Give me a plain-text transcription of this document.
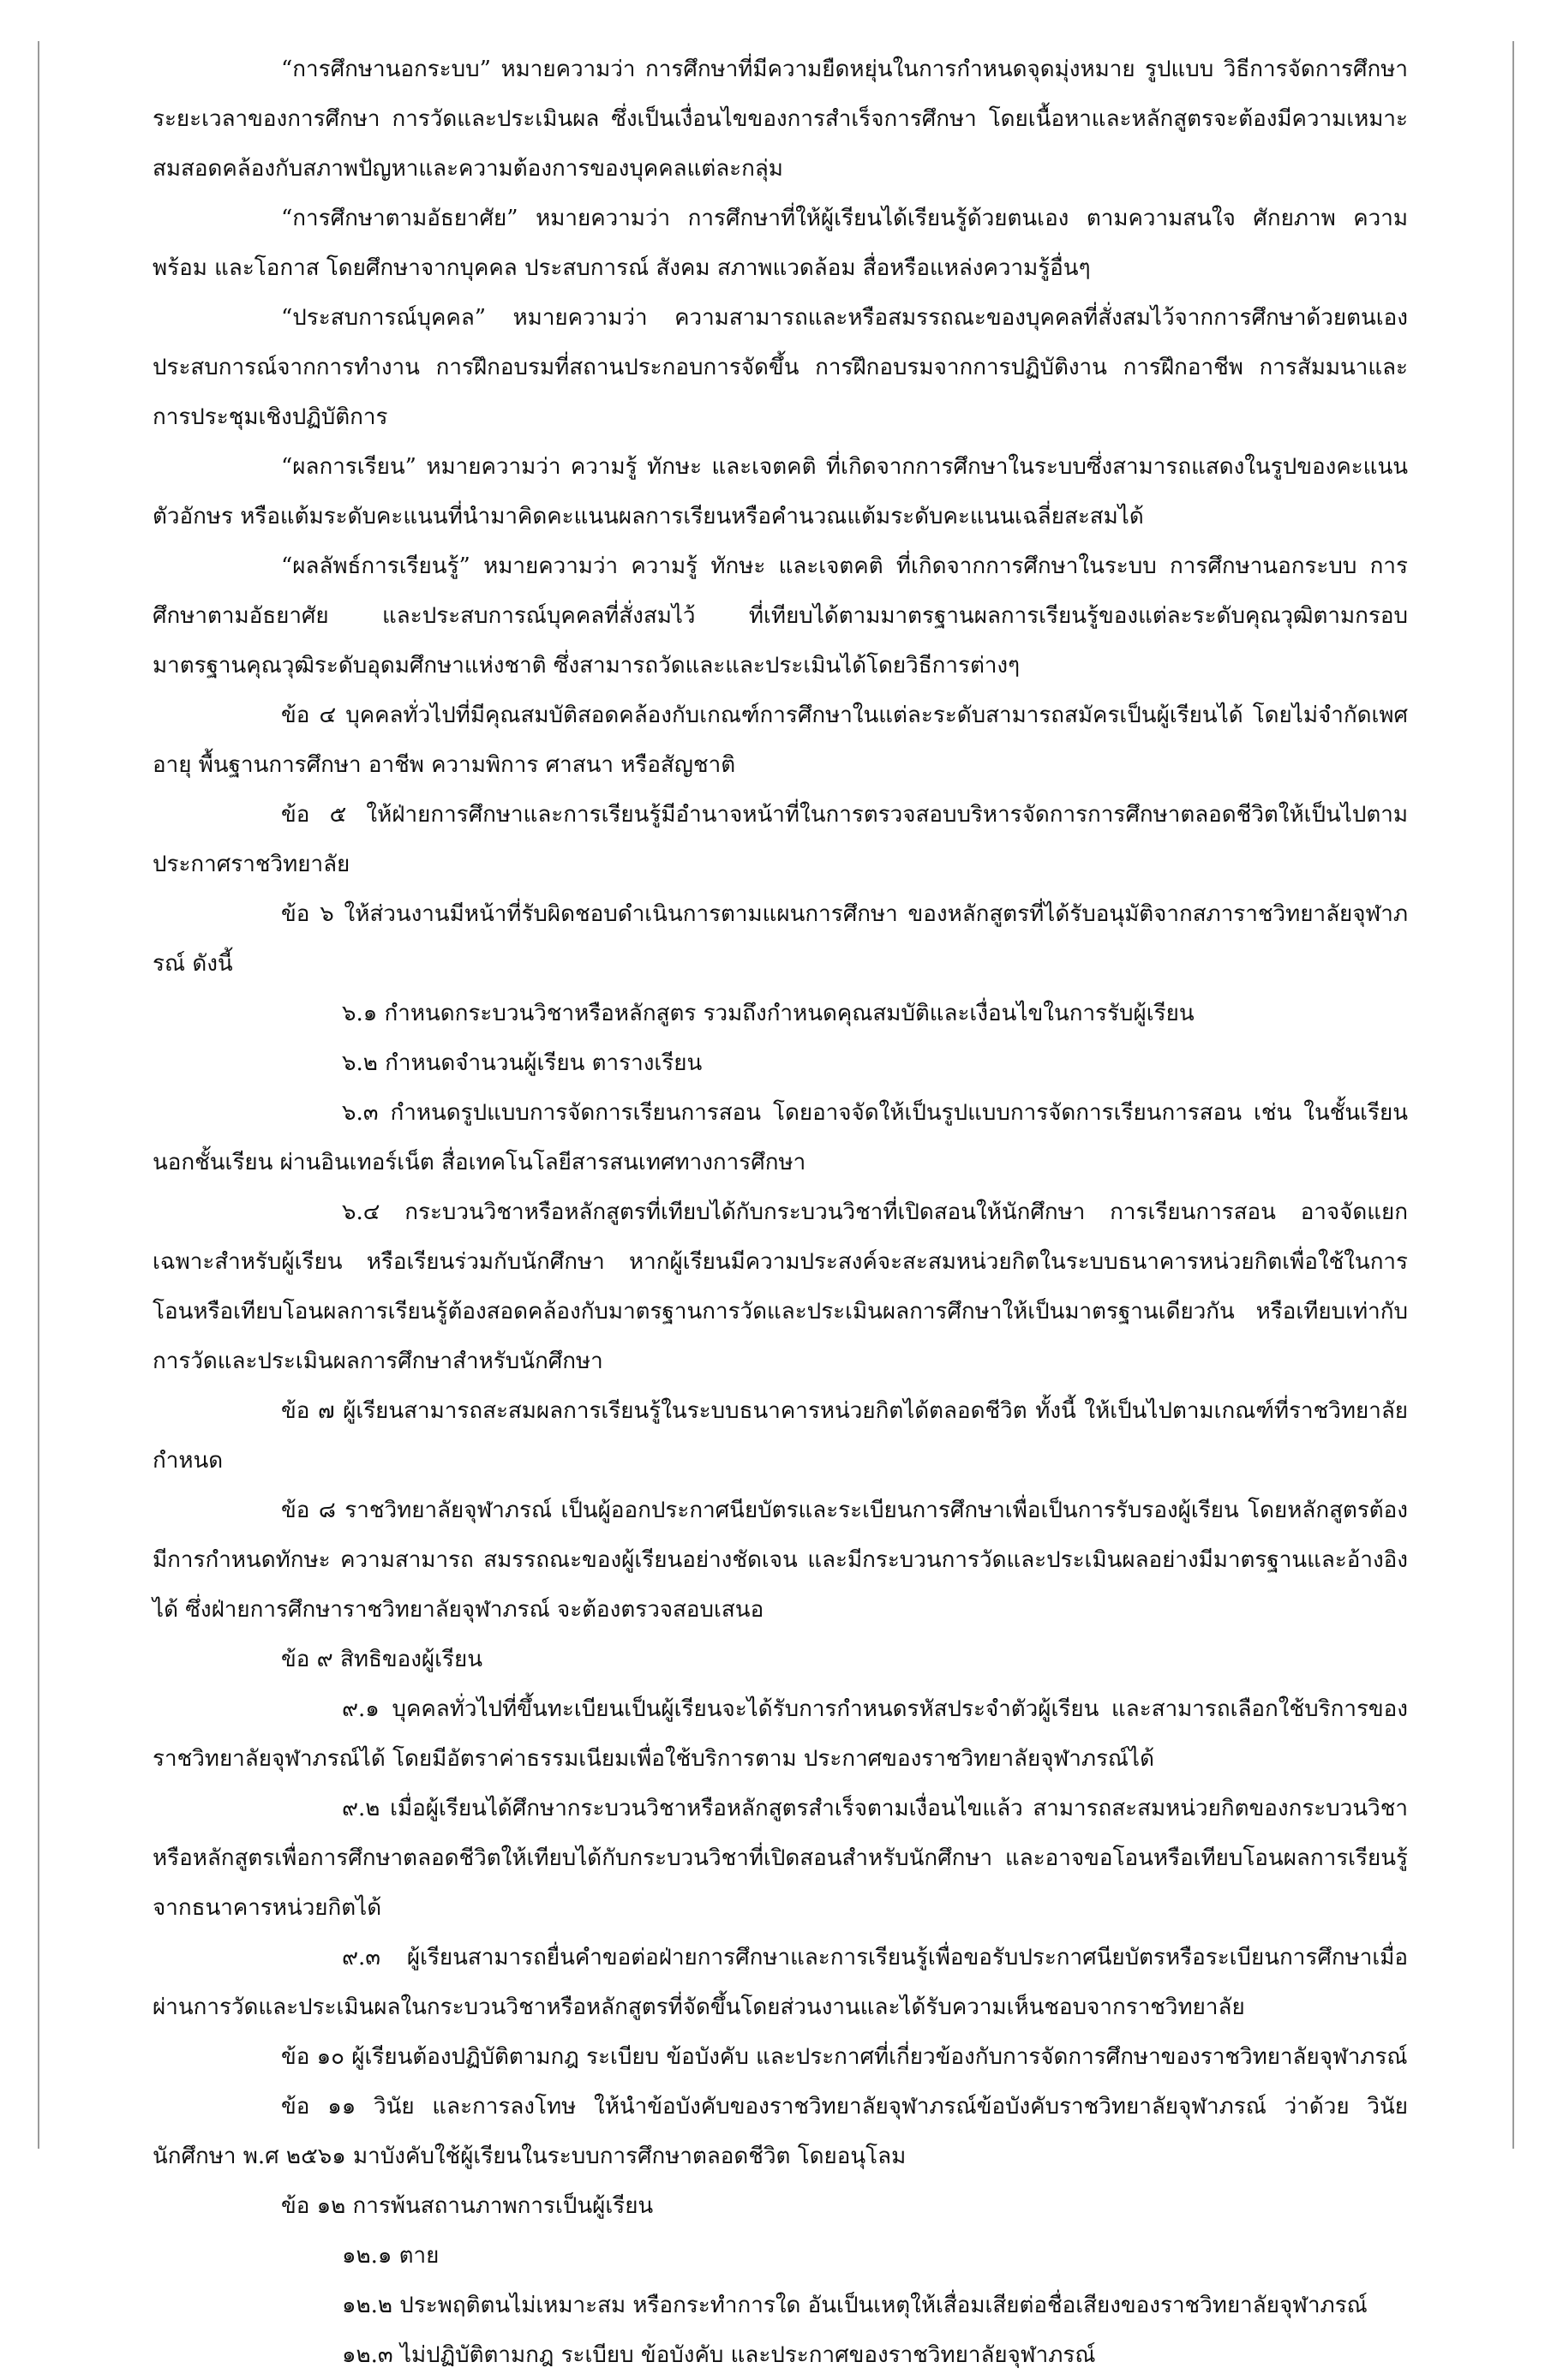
“การศึกษานอกระบบ” หมายความว่า การศึกษาที่มีความยืดหยุ่นในการกำหนดจุดมุ่งหมาย รูปแบบ วิธีการจัดการศึกษา ระยะเวลาของการศึกษา การวัดและประเมินผล ซึ่งเป็นเงื่อนไขของการสำเร็จการศึกษา โดยเนื้อหาและหลักสูตรจะต้องมีความเหมาะสมสอดคล้องกับสภาพปัญหาและความต้องการของบุคคลแต่ละกลุ่ม

“การศึกษาตามอัธยาศัย” หมายความว่า การศึกษาที่ให้ผู้เรียนได้เรียนรู้ด้วยตนเอง ตามความสนใจ ศักยภาพ ความพร้อม และโอกาส โดยศึกษาจากบุคคล ประสบการณ์ สังคม สภาพแวดล้อม สื่อหรือแหล่งความรู้อื่นๆ

“ประสบการณ์บุคคล” หมายความว่า ความสามารถและหรือสมรรถณะของบุคคลที่สั่งสมไว้จากการศึกษาด้วยตนเอง ประสบการณ์จากการทำงาน การฝึกอบรมที่สถานประกอบการจัดขึ้น การฝึกอบรมจากการปฏิบัติงาน การฝึกอาชีพ การสัมมนาและการประชุมเชิงปฏิบัติการ

“ผลการเรียน” หมายความว่า ความรู้ ทักษะ และเจตคติ ที่เกิดจากการศึกษาในระบบซึ่งสามารถแสดงในรูปของคะแนนตัวอักษร หรือแต้มระดับคะแนนที่นำมาคิดคะแนนผลการเรียนหรือคำนวณแต้มระดับคะแนนเฉลี่ยสะสมได้

“ผลลัพธ์การเรียนรู้” หมายความว่า ความรู้ ทักษะ และเจตคติ ที่เกิดจากการศึกษาในระบบ การศึกษานอกระบบ การศึกษาตามอัธยาศัย และประสบการณ์บุคคลที่สั่งสมไว้ ที่เทียบได้ตามมาตรฐานผลการเรียนรู้ของแต่ละระดับคุณวุฒิตามกรอบมาตรฐานคุณวุฒิระดับอุดมศึกษาแห่งชาติ ซึ่งสามารถวัดและและประเมินได้โดยวิธีการต่างๆ

ข้อ ๔ บุคคลทั่วไปที่มีคุณสมบัติสอดคล้องกับเกณฑ์การศึกษาในแต่ละระดับสามารถสมัครเป็นผู้เรียนได้ โดยไม่จำกัดเพศ อายุ พื้นฐานการศึกษา อาชีพ ความพิการ ศาสนา หรือสัญชาติ

ข้อ ๕ ให้ฝ่ายการศึกษาและการเรียนรู้มีอำนาจหน้าที่ในการตรวจสอบบริหารจัดการการศึกษาตลอดชีวิตให้เป็นไปตามประกาศราชวิทยาลัย

ข้อ ๖ ให้ส่วนงานมีหน้าที่รับผิดชอบดำเนินการตามแผนการศึกษา ของหลักสูตรที่ได้รับอนุมัติจากสภาราชวิทยาลัยจุฬาภรณ์ ดังนี้

๖.๑ กำหนดกระบวนวิชาหรือหลักสูตร รวมถึงกำหนดคุณสมบัติและเงื่อนไขในการรับผู้เรียน

๖.๒ กำหนดจำนวนผู้เรียน ตารางเรียน

๖.๓ กำหนดรูปแบบการจัดการเรียนการสอน โดยอาจจัดให้เป็นรูปแบบการจัดการเรียนการสอน เช่น ในชั้นเรียน นอกชั้นเรียน ผ่านอินเทอร์เน็ต สื่อเทคโนโลยีสารสนเทศทางการศึกษา

๖.๔ กระบวนวิชาหรือหลักสูตรที่เทียบได้กับกระบวนวิชาที่เปิดสอนให้นักศึกษา การเรียนการสอน อาจจัดแยกเฉพาะสำหรับผู้เรียน หรือเรียนร่วมกับนักศึกษา หากผู้เรียนมีความประสงค์จะสะสมหน่วยกิตในระบบธนาคารหน่วยกิตเพื่อใช้ในการโอนหรือเทียบโอนผลการเรียนรู้ต้องสอดคล้องกับมาตรฐานการวัดและประเมินผลการศึกษาให้เป็นมาตรฐานเดียวกัน หรือเทียบเท่ากับการวัดและประเมินผลการศึกษาสำหรับนักศึกษา

ข้อ ๗ ผู้เรียนสามารถสะสมผลการเรียนรู้ในระบบธนาคารหน่วยกิตได้ตลอดชีวิต ทั้งนี้ ให้เป็นไปตามเกณฑ์ที่ราชวิทยาลัยกำหนด

ข้อ ๘ ราชวิทยาลัยจุฬาภรณ์ เป็นผู้ออกประกาศนียบัตรและระเบียนการศึกษาเพื่อเป็นการรับรองผู้เรียน โดยหลักสูตรต้องมีการกำหนดทักษะ ความสามารถ สมรรถณะของผู้เรียนอย่างชัดเจน และมีกระบวนการวัดและประเมินผลอย่างมีมาตรฐานและอ้างอิงได้ ซึ่งฝ่ายการศึกษาราชวิทยาลัยจุฬาภรณ์ จะต้องตรวจสอบเสนอ

ข้อ ๙ สิทธิของผู้เรียน

๙.๑ บุคคลทั่วไปที่ขึ้นทะเบียนเป็นผู้เรียนจะได้รับการกำหนดรหัสประจำตัวผู้เรียน และสามารถเลือกใช้บริการของราชวิทยาลัยจุฬาภรณ์ได้ โดยมีอัตราค่าธรรมเนียมเพื่อใช้บริการตาม ประกาศของราชวิทยาลัยจุฬาภรณ์ได้

๙.๒ เมื่อผู้เรียนได้ศึกษากระบวนวิชาหรือหลักสูตรสำเร็จตามเงื่อนไขแล้ว สามารถสะสมหน่วยกิตของกระบวนวิชาหรือหลักสูตรเพื่อการศึกษาตลอดชีวิตให้เทียบได้กับกระบวนวิชาที่เปิดสอนสำหรับนักศึกษา และอาจขอโอนหรือเทียบโอนผลการเรียนรู้จากธนาคารหน่วยกิตได้

๙.๓ ผู้เรียนสามารถยื่นคำขอต่อฝ่ายการศึกษาและการเรียนรู้เพื่อขอรับประกาศนียบัตรหรือระเบียนการศึกษาเมื่อผ่านการวัดและประเมินผลในกระบวนวิชาหรือหลักสูตรที่จัดขึ้นโดยส่วนงานและได้รับความเห็นชอบจากราชวิทยาลัย

ข้อ ๑๐ ผู้เรียนต้องปฏิบัติตามกฎ ระเบียบ ข้อบังคับ และประกาศที่เกี่ยวข้องกับการจัดการศึกษาของราชวิทยาลัยจุฬาภรณ์

ข้อ ๑๑ วินัย และการลงโทษ ให้นำข้อบังคับของราชวิทยาลัยจุฬาภรณ์ข้อบังคับราชวิทยาลัยจุฬาภรณ์ ว่าด้วย วินัยนักศึกษา พ.ศ ๒๕๖๑ มาบังคับใช้ผู้เรียนในระบบการศึกษาตลอดชีวิต โดยอนุโลม

ข้อ ๑๒ การพ้นสถานภาพการเป็นผู้เรียน

๑๒.๑ ตาย

๑๒.๒ ประพฤติตนไม่เหมาะสม หรือกระทำการใด อันเป็นเหตุให้เสื่อมเสียต่อชื่อเสียงของราชวิทยาลัยจุฬาภรณ์

๑๒.๓ ไม่ปฏิบัติตามกฎ ระเบียบ ข้อบังคับ และประกาศของราชวิทยาลัยจุฬาภรณ์
